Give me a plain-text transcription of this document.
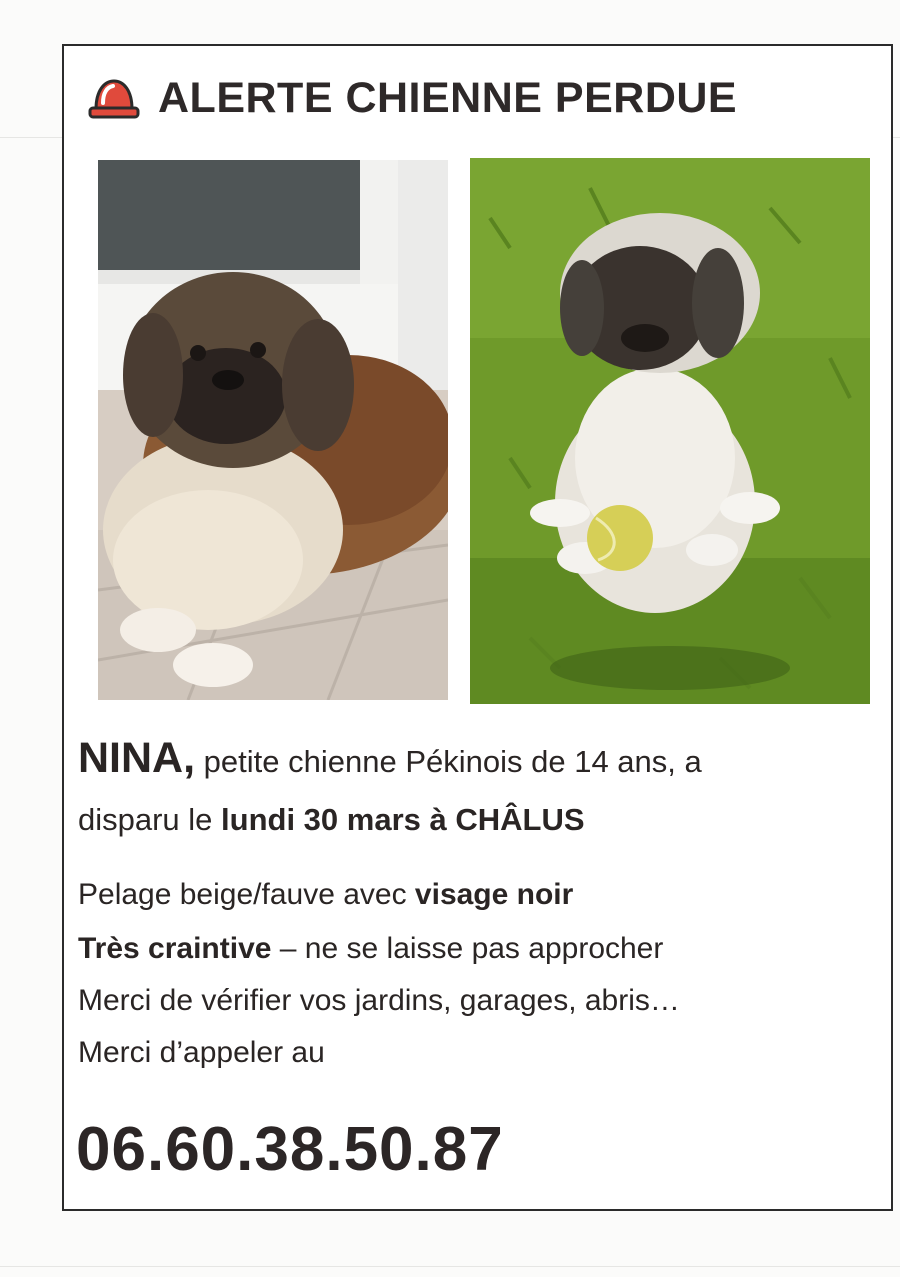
ALERTE CHIENNE PERDUE
NINA, petite chienne Pékinois de 14 ans, a
disparu le lundi 30 mars à CHÂLUS
Pelage beige/fauve avec visage noir
Très craintive – ne se laisse pas approcher
Merci de vérifier vos jardins, garages, abris…
Merci d’appeler au
06.60.38.50.87
